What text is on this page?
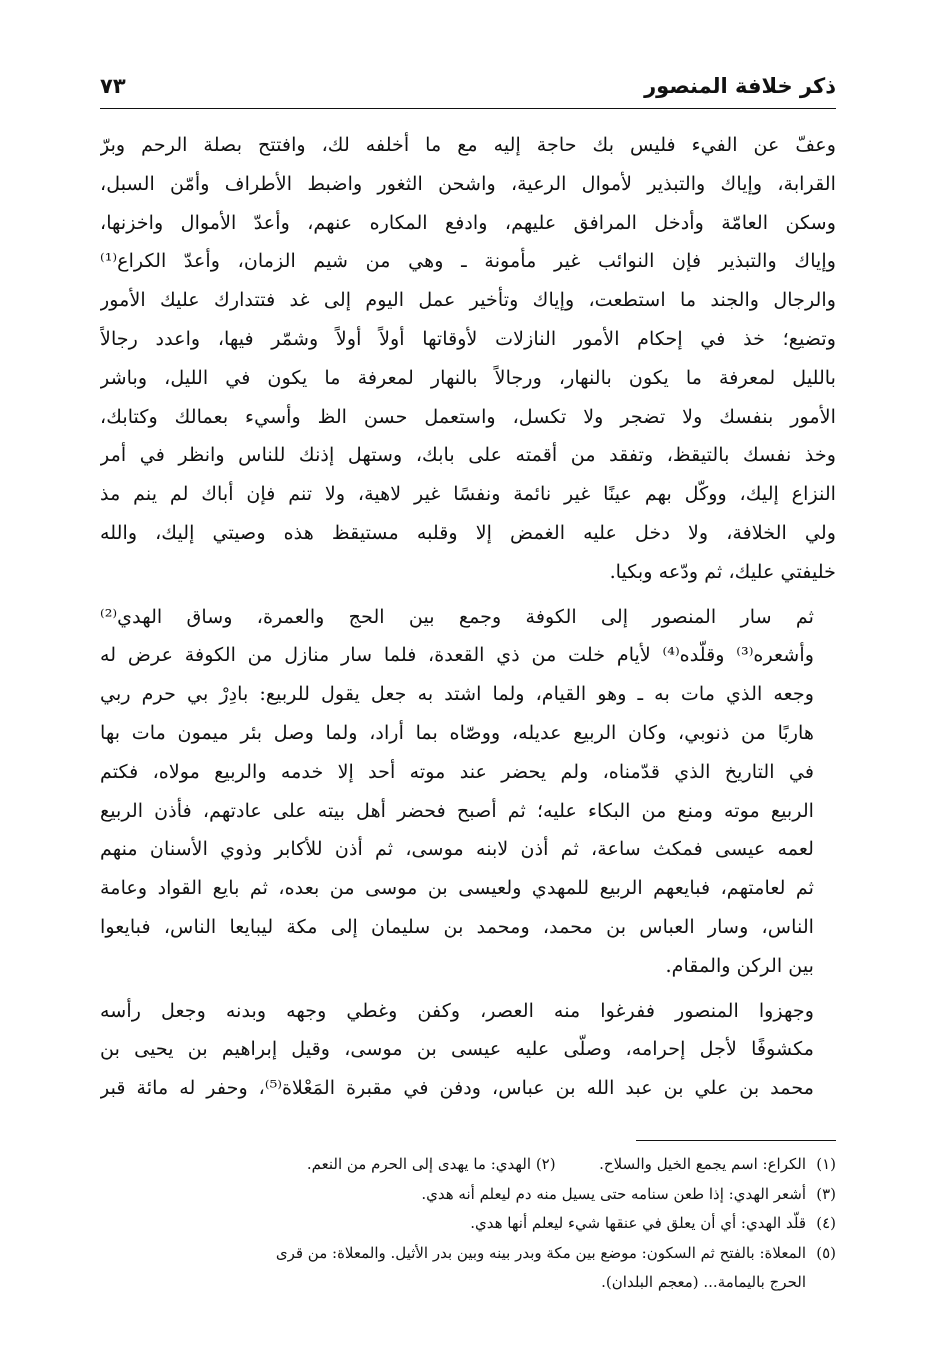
ذكر خلافة المنصور
٧٣

وعفّ عن الفيء فليس بك حاجة إليه مع ما أخلفه لك، وافتتح بصلة الرحم وبرّ
القرابة، وإياك والتبذير لأموال الرعية، واشحن الثغور واضبط الأطراف وأمّن السبل،
وسكن العامّة وأدخل المرافق عليهم، وادفع المكاره عنهم، وأعدّ الأموال واخزنها،
وإياك والتبذير فإن النوائب غير مأمونة ـ وهي من شيم الزمان، وأعدّ الكراع⁽¹⁾
والرجال والجند ما استطعت، وإياك وتأخير عمل اليوم إلى غد فتتدارك عليك الأمور
وتضيع؛ خذ في إحكام الأمور النازلات لأوقاتها أولاً أولاً وشمّر فيها، واعدد رجالاً
بالليل لمعرفة ما يكون بالنهار، ورجالاً بالنهار لمعرفة ما يكون في الليل، وباشر
الأمور بنفسك ولا تضجر ولا تكسل، واستعمل حسن الظ وأسيء بعمالك وكتابك،
وخذ نفسك بالتيقظ، وتفقد من أقمته على بابك، وستهل إذنك للناس وانظر في أمر
النزاع إليك، ووكّل بهم عينًا غير نائمة ونفسًا غير لاهية، ولا تنم فإن أباك لم ينم مذ
ولي الخلافة، ولا دخل عليه الغمض إلا وقلبه مستيقظ هذه وصيتي إليك، والله
خليفتي عليك، ثم ودّعه وبكيا.

ثم سار المنصور إلى الكوفة وجمع بين الحج والعمرة، وساق الهدي⁽²⁾
وأشعره⁽³⁾ وقلّده⁽⁴⁾ لأيام خلت من ذي القعدة، فلما سار منازل من الكوفة عرض له
وجعه الذي مات به ـ وهو القيام، ولما اشتد به جعل يقول للربيع: بادِرْ بي حرم ربي
هاربًا من ذنوبي، وكان الربيع عديله، ووصّاه بما أراد، ولما وصل بئر ميمون مات بها
في التاريخ الذي قدّمناه، ولم يحضر عند موته أحد إلا خدمه والربيع مولاه، فكتم
الربيع موته ومنع من البكاء عليه؛ ثم أصبح فحضر أهل بيته على عادتهم، فأذن الربيع
لعمه عيسى فمكث ساعة، ثم أذن لابنه موسى، ثم أذن للأكابر وذوي الأسنان منهم
ثم لعامتهم، فبايعهم الربيع للمهدي ولعيسى بن موسى من بعده، ثم بايع القواد وعامة
الناس، وسار العباس بن محمد، ومحمد بن سليمان إلى مكة ليبايعا الناس، فبايعوا
بين الركن والمقام.

وجهزوا المنصور ففرغوا منه العصر، وكفن وغطي وجهه وبدنه وجعل رأسه
مكشوفًا لأجل إحرامه، وصلّى عليه عيسى بن موسى، وقيل إبراهيم بن يحيى بن
محمد بن علي بن عبد الله بن عباس، ودفن في مقبرة المَعْلاة⁽⁵⁾، وحفر له مائة قبر

(١)
الكراع: اسم يجمع الخيل والسلاح.  (٢) الهدي: ما يهدى إلى الحرم من النعم.
(٣)
أشعر الهدي: إذا طعن سنامه حتى يسيل منه دم ليعلم أنه هدي.
(٤)
قلّد الهدي: أي أن يعلق في عنقها شيء ليعلم أنها هدي.
(٥)
المعلاة: بالفتح ثم السكون: موضع بين مكة وبدر بينه وبين بدر الأثيل. والمعلاة: من قرى
الحرج باليمامة... (معجم البلدان).
